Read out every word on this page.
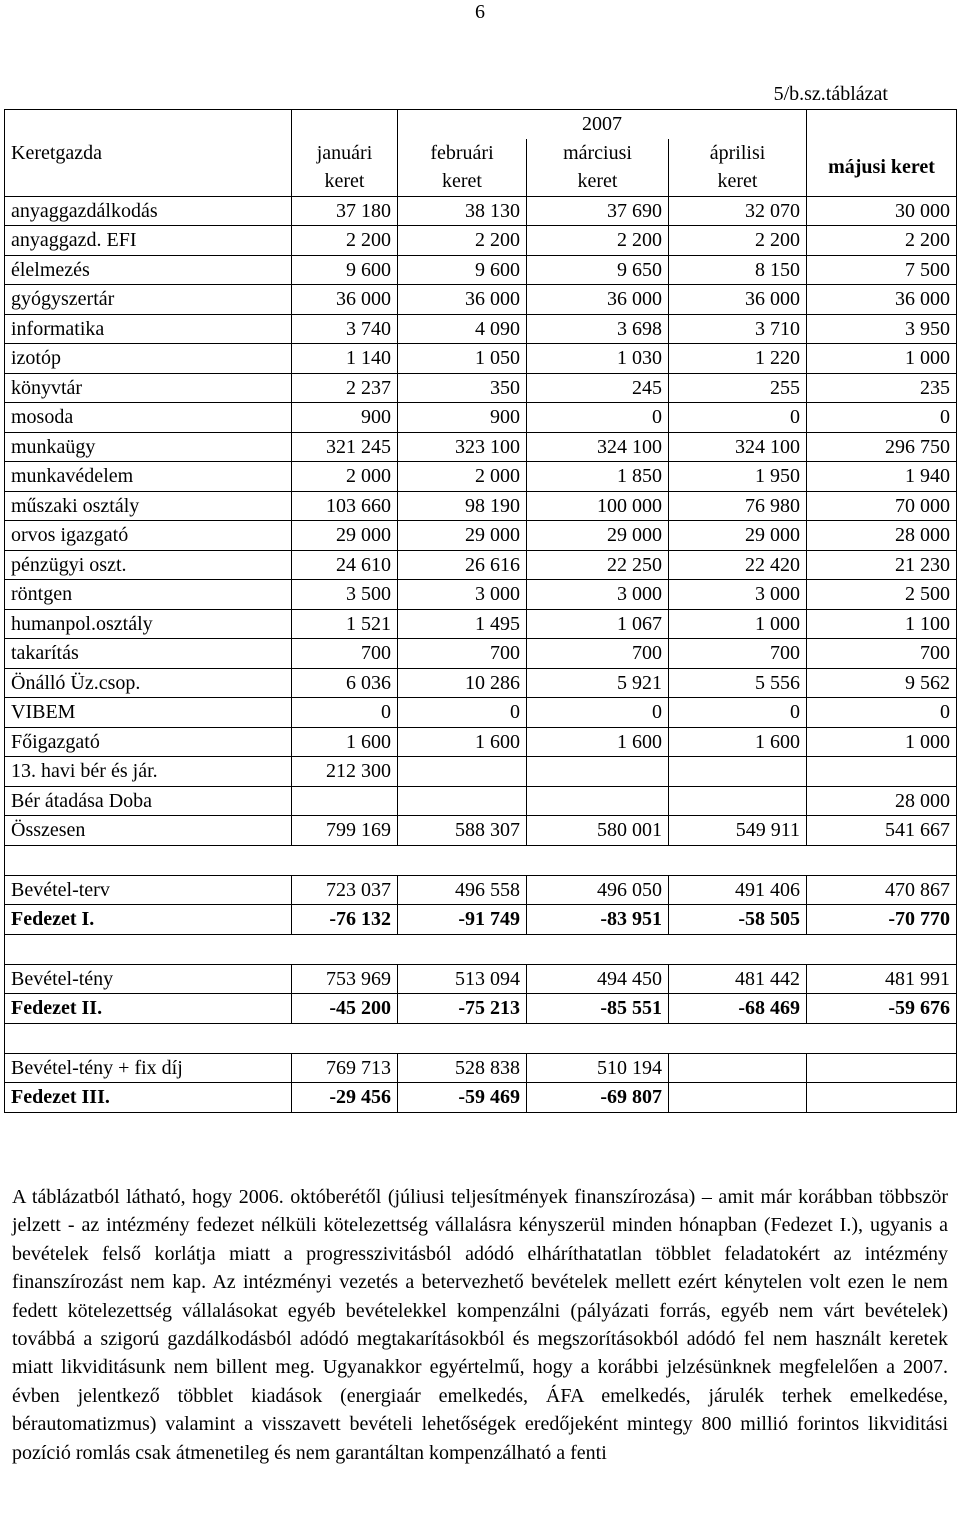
6
5/b.sz.táblázat
Keretgazda		2007			
	januári	februári	márciusi	áprilisi	májusi keret
	keret	keret	keret	keret	
anyaggazdálkodás	37 180	38 130	37 690	32 070	30 000
anyaggazd. EFI	2 200	2 200	2 200	2 200	2 200
élelmezés	9 600	9 600	9 650	8 150	7 500
gyógyszertár	36 000	36 000	36 000	36 000	36 000
informatika	3 740	4 090	3 698	3 710	3 950
izotóp	1 140	1 050	1 030	1 220	1 000
könyvtár	2 237	350	245	255	235
mosoda	900	900	0	0	0
munkaügy	321 245	323 100	324 100	324 100	296 750
munkavédelem	2 000	2 000	1 850	1 950	1 940
műszaki osztály	103 660	98 190	100 000	76 980	70 000
orvos igazgató	29 000	29 000	29 000	29 000	28 000
pénzügyi oszt.	24 610	26 616	22 250	22 420	21 230
röntgen	3 500	3 000	3 000	3 000	2 500
humanpol.osztály	1 521	1 495	1 067	1 000	1 100
takarítás	700	700	700	700	700
Önálló Üz.csop.	6 036	10 286	5 921	5 556	9 562
VIBEM	0	0	0	0	0
Főigazgató	1 600	1 600	1 600	1 600	1 000
13. havi bér és jár.	212 300				
Bér átadása Doba					28 000
Összesen	799 169	588 307	580 001	549 911	541 667

Bevétel-terv	723 037	496 558	496 050	491 406	470 867
Fedezet I.	-76 132	-91 749	-83 951	-58 505	-70 770

Bevétel-tény	753 969	513 094	494 450	481 442	481 991
Fedezet II.	-45 200	-75 213	-85 551	-68 469	-59 676

Bevétel-tény + fix díj	769 713	528 838	510 194		
Fedezet III.	-29 456	-59 469	-69 807		

A táblázatból látható, hogy 2006. októberétől (júliusi teljesítmények finanszírozása) – amit már korábban többször jelzett - az intézmény fedezet nélküli kötelezettség vállalásra kényszerül minden hónapban (Fedezet I.), ugyanis a bevételek felső korlátja miatt a progresszivitásból adódó elháríthatatlan többlet feladatokért az intézmény finanszírozást nem kap. Az intézményi vezetés a betervezhető bevételek mellett ezért kénytelen volt ezen le nem fedett kötelezettség vállalásokat egyéb bevételekkel kompenzálni (pályázati forrás, egyéb nem várt bevételek) továbbá a szigorú gazdálkodásból adódó megtakarításokból és megszorításokból adódó fel nem használt keretek miatt likviditásunk nem billent meg. Ugyanakkor egyértelmű, hogy a korábbi jelzésünknek megfelelően a 2007. évben jelentkező többlet kiadások (energiaár emelkedés, ÁFA emelkedés, járulék terhek emelkedése, bérautomatizmus) valamint a visszavett bevételi lehetőségek eredőjeként mintegy 800 millió forintos likviditási pozíció romlás csak átmenetileg és nem garantáltan kompenzálható a fenti
